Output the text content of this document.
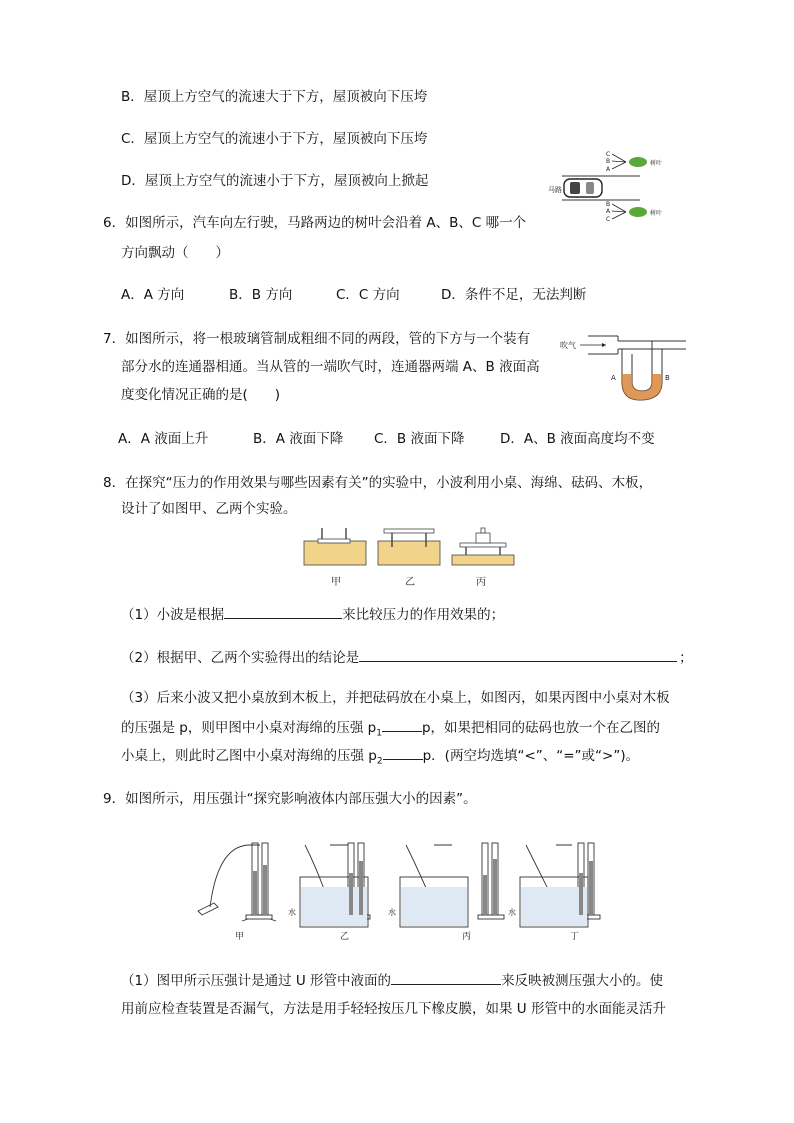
B．屋顶上方空气的流速大于下方，屋顶被向下压垮
C．屋顶上方空气的流速小于下方，屋顶被向下压垮
D．屋顶上方空气的流速小于下方，屋顶被向上掀起
马路
C
B
A
树叶
B
A
C
树叶
6．如图所示，汽车向左行驶，马路两边的树叶会沿着 A、B、C 哪一个
方向飘动（　　）
A．A 方向	B．B 方向	C．C 方向	D．条件不足，无法判断
7．如图所示，将一根玻璃管制成粗细不同的两段，管的下方与一个装有
部分水的连通器相通。当从管的一端吹气时，连通器两端 A、B 液面高
度变化情况正确的是(　　)
吹气
A	B
A．A 液面上升	B．A 液面下降 C．B 液面下降	D．A、B 液面高度均不变
8．在探究“压力的作用效果与哪些因素有关”的实验中，小波利用小桌、海绵、砝码、木板，
设计了如图甲、乙两个实验。
甲	乙	丙
（1）小波是根据	来比较压力的作用效果的；
（2）根据甲、乙两个实验得出的结论是	；
（3）后来小波又把小桌放到木板上，并把砝码放在小桌上，如图丙，如果丙图中小桌对木板
的压强是 p，则甲图中小桌对海绵的压强 $p_1$	p，如果把相同的砝码也放一个在乙图的
小桌上，则此时乙图中小桌对海绵的压强 $p_2$	p．(两空均选填“<”、“=”或“>”)。
9．如图所示，用压强计“探究影响液体内部压强大小的因素”。
水	水	水
甲	乙	丙	丁
（1）图甲所示压强计是通过 U 形管中液面的	来反映被测压强大小的。使
用前应检查装置是否漏气，方法是用手轻轻按压几下橡皮膜，如果 U 形管中的水面能灵活升
